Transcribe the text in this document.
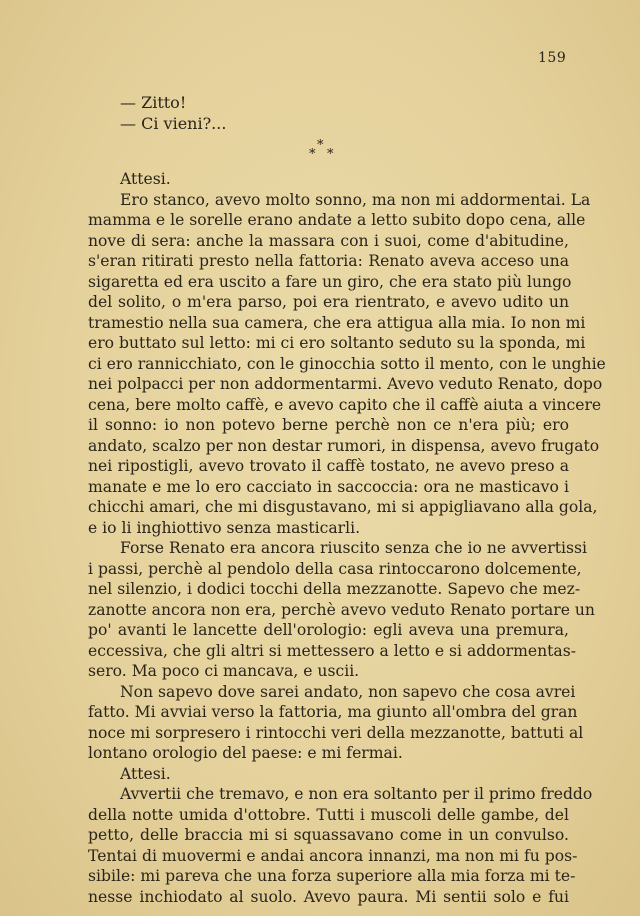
159
— Zitto!
— Ci vieni?...
*
* *
Attesi.
Ero stanco, avevo molto sonno, ma non mi addormentai. La
mamma e le sorelle erano andate a letto subito dopo cena, alle
nove di sera: anche la massara con i suoi, come d'abitudine,
s'eran ritirati presto nella fattoria: Renato aveva acceso una
sigaretta ed era uscito a fare un giro, che era stato più lungo
del solito, o m'era parso, poi era rientrato, e avevo udito un
tramestio nella sua camera, che era attigua alla mia. Io non mi
ero buttato sul letto: mi ci ero soltanto seduto su la sponda, mi
ci ero rannicchiato, con le ginocchia sotto il mento, con le unghie
nei polpacci per non addormentarmi. Avevo veduto Renato, dopo
cena, bere molto caffè, e avevo capito che il caffè aiuta a vincere
il sonno: io non potevo berne perchè non ce n'era più; ero
andato, scalzo per non destar rumori, in dispensa, avevo frugato
nei ripostigli, avevo trovato il caffè tostato, ne avevo preso a
manate e me lo ero cacciato in saccoccia: ora ne masticavo i
chicchi amari, che mi disgustavano, mi si appigliavano alla gola,
e io li inghiottivo senza masticarli.
Forse Renato era ancora riuscito senza che io ne avvertissi
i passi, perchè al pendolo della casa rintoccarono dolcemente,
nel silenzio, i dodici tocchi della mezzanotte. Sapevo che mez-
zanotte ancora non era, perchè avevo veduto Renato portare un
po' avanti le lancette dell'orologio: egli aveva una premura,
eccessiva, che gli altri si mettessero a letto e si addormentas-
sero. Ma poco ci mancava, e uscii.
Non sapevo dove sarei andato, non sapevo che cosa avrei
fatto. Mi avviai verso la fattoria, ma giunto all'ombra del gran
noce mi sorpresero i rintocchi veri della mezzanotte, battuti al
lontano orologio del paese: e mi fermai.
Attesi.
Avvertii che tremavo, e non era soltanto per il primo freddo
della notte umida d'ottobre. Tutti i muscoli delle gambe, del
petto, delle braccia mi si squassavano come in un convulso.
Tentai di muovermi e andai ancora innanzi, ma non mi fu pos-
sibile: mi pareva che una forza superiore alla mia forza mi te-
nesse inchiodato al suolo. Avevo paura. Mi sentii solo e fui
